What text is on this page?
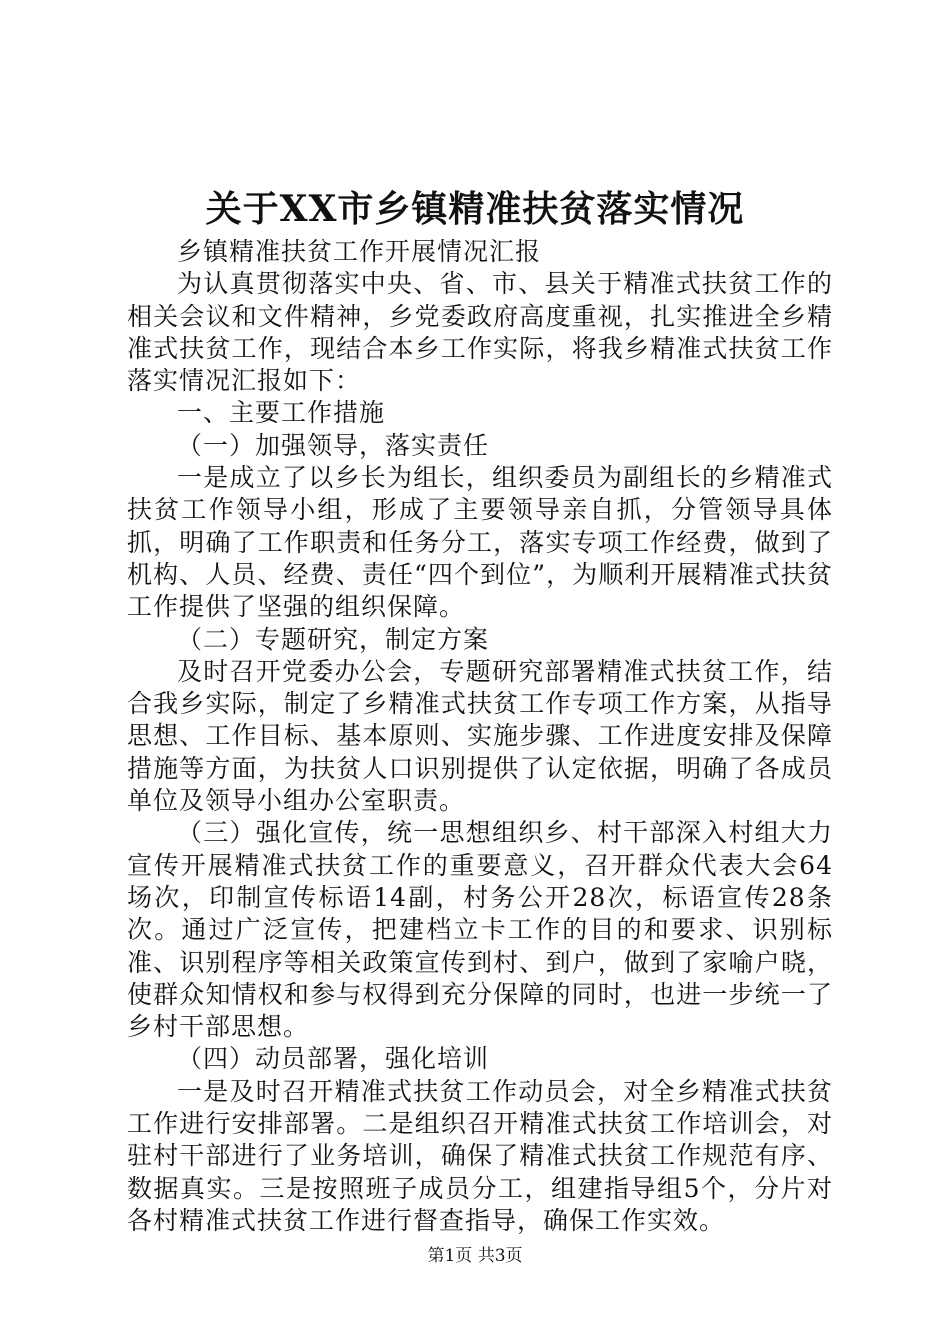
关于XX市乡镇精准扶贫落实情况

乡镇精准扶贫工作开展情况汇报

为认真贯彻落实中央、省、市、县关于精准式扶贫工作的相关会议和文件精神，乡党委政府高度重视，扎实推进全乡精准式扶贫工作，现结合本乡工作实际，将我乡精准式扶贫工作落实情况汇报如下：

一、主要工作措施

（一）加强领导，落实责任

一是成立了以乡长为组长，组织委员为副组长的乡精准式扶贫工作领导小组，形成了主要领导亲自抓，分管领导具体抓，明确了工作职责和任务分工，落实专项工作经费，做到了机构、人员、经费、责任“四个到位”，为顺利开展精准式扶贫工作提供了坚强的组织保障。

（二）专题研究，制定方案

及时召开党委办公会，专题研究部署精准式扶贫工作，结合我乡实际，制定了乡精准式扶贫工作专项工作方案，从指导思想、工作目标、基本原则、实施步骤、工作进度安排及保障措施等方面，为扶贫人口识别提供了认定依据，明确了各成员单位及领导小组办公室职责。

（三）强化宣传，统一思想组织乡、村干部深入村组大力宣传开展精准式扶贫工作的重要意义，召开群众代表大会64场次，印制宣传标语14副，村务公开28次，标语宣传28条次。通过广泛宣传，把建档立卡工作的目的和要求、识别标准、识别程序等相关政策宣传到村、到户，做到了家喻户晓，使群众知情权和参与权得到充分保障的同时，也进一步统一了乡村干部思想。

（四）动员部署，强化培训

一是及时召开精准式扶贫工作动员会，对全乡精准式扶贫工作进行安排部署。二是组织召开精准式扶贫工作培训会，对驻村干部进行了业务培训，确保了精准式扶贫工作规范有序、数据真实。三是按照班子成员分工，组建指导组5个，分片对各村精准式扶贫工作进行督查指导，确保工作实效。

第1页 共3页
